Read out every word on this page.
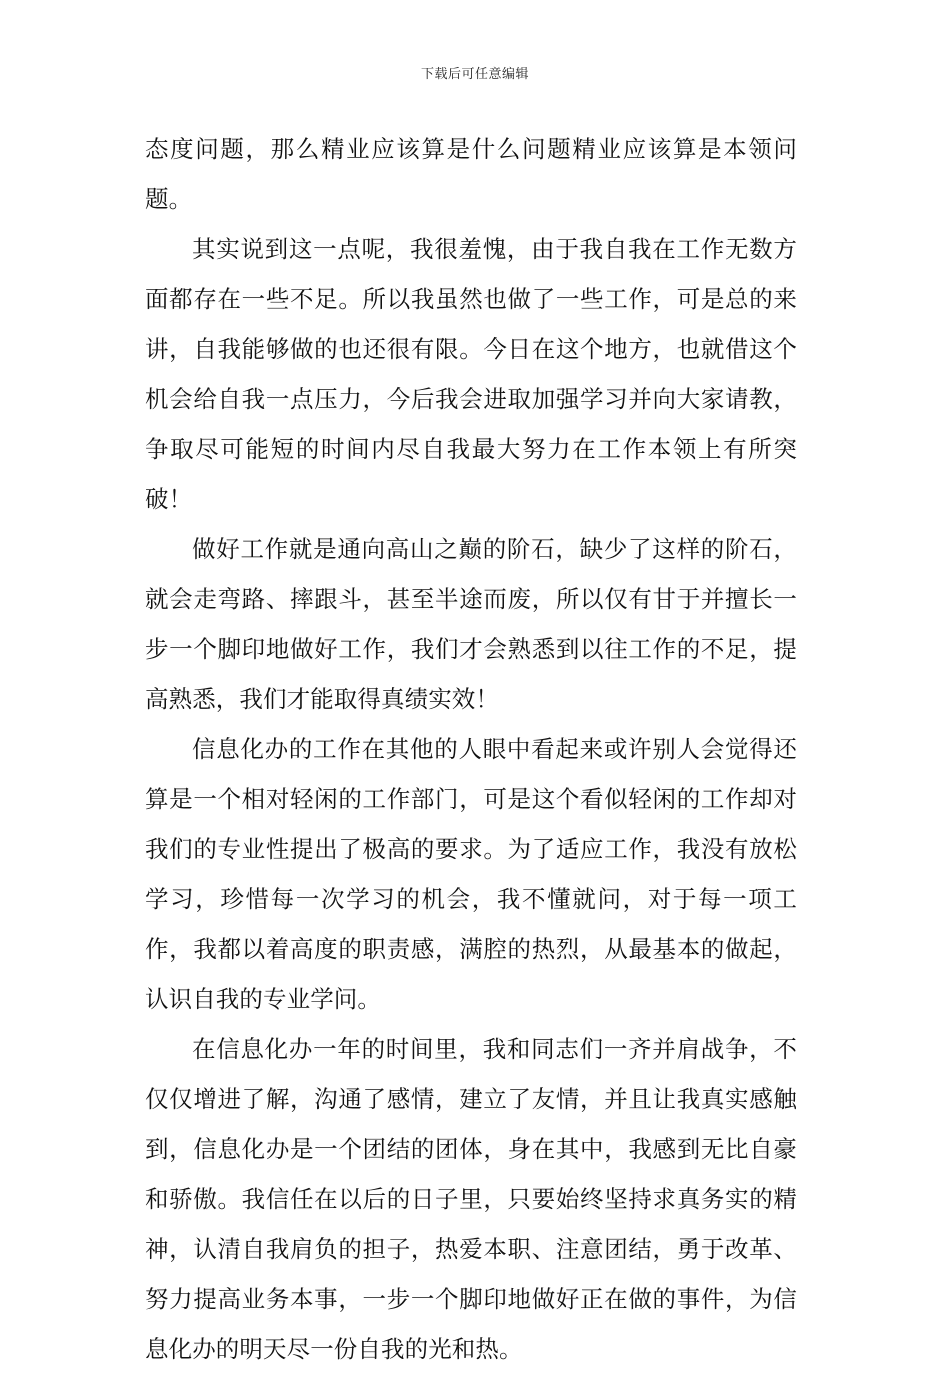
下载后可任意编辑

态度问题，那么精业应该算是什么问题精业应该算是本领问题。

其实说到这一点呢，我很羞愧，由于我自我在工作无数方面都存在一些不足。所以我虽然也做了一些工作，可是总的来讲，自我能够做的也还很有限。今日在这个地方，也就借这个机会给自我一点压力，今后我会进取加强学习并向大家请教，争取尽可能短的时间内尽自我最大努力在工作本领上有所突破！

做好工作就是通向高山之巅的阶石，缺少了这样的阶石，就会走弯路、摔跟斗，甚至半途而废，所以仅有甘于并擅长一步一个脚印地做好工作，我们才会熟悉到以往工作的不足，提高熟悉，我们才能取得真绩实效！

信息化办的工作在其他的人眼中看起来或许别人会觉得还算是一个相对轻闲的工作部门，可是这个看似轻闲的工作却对我们的专业性提出了极高的要求。为了适应工作，我没有放松学习，珍惜每一次学习的机会，我不懂就问，对于每一项工作，我都以着高度的职责感，满腔的热烈，从最基本的做起，认识自我的专业学问。

在信息化办一年的时间里，我和同志们一齐并肩战争，不仅仅增进了解，沟通了感情，建立了友情，并且让我真实感触到，信息化办是一个团结的团体，身在其中，我感到无比自豪和骄傲。我信任在以后的日子里，只要始终坚持求真务实的精神，认清自我肩负的担子，热爱本职、注意团结，勇于改革、努力提高业务本事，一步一个脚印地做好正在做的事件，为信息化办的明天尽一份自我的光和热。
